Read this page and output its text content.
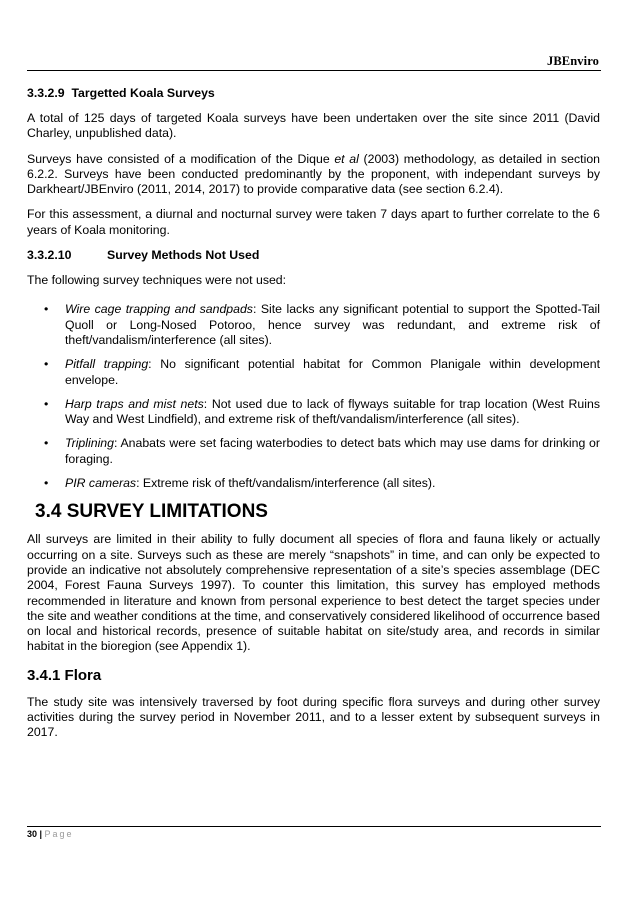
JBEnviro
3.3.2.9 Targetted Koala Surveys

A total of 125 days of targeted Koala surveys have been undertaken over the site since 2011 (David Charley, unpublished data).

Surveys have consisted of a modification of the Dique et al (2003) methodology, as detailed in section 6.2.2. Surveys have been conducted predominantly by the proponent, with independant surveys by Darkheart/JBEnviro (2011, 2014, 2017) to provide comparative data (see section 6.2.4).

For this assessment, a diurnal and nocturnal survey were taken 7 days apart to further correlate to the 6 years of Koala monitoring.

3.3.2.10	Survey Methods Not Used

The following survey techniques were not used:

• Wire cage trapping and sandpads: Site lacks any significant potential to support the Spotted-Tail Quoll or Long-Nosed Potoroo, hence survey was redundant, and extreme risk of theft/vandalism/interference (all sites).
• Pitfall trapping: No significant potential habitat for Common Planigale within development envelope.
• Harp traps and mist nets: Not used due to lack of flyways suitable for trap location (West Ruins Way and West Lindfield), and extreme risk of theft/vandalism/interference (all sites).
• Triplining: Anabats were set facing waterbodies to detect bats which may use dams for drinking or foraging.
• PIR cameras: Extreme risk of theft/vandalism/interference (all sites).
3.4 SURVEY LIMITATIONS

All surveys are limited in their ability to fully document all species of flora and fauna likely or actually occurring on a site. Surveys such as these are merely “snapshots” in time, and can only be expected to provide an indicative not absolutely comprehensive representation of a site’s species assemblage (DEC 2004, Forest Fauna Surveys 1997). To counter this limitation, this survey has employed methods recommended in literature and known from personal experience to best detect the target species under the site and weather conditions at the time, and conservatively considered likelihood of occurrence based on local and historical records, presence of suitable habitat on site/study area, and records in similar habitat in the bioregion (see Appendix 1).

3.4.1 Flora

The study site was intensively traversed by foot during specific flora surveys and during other survey activities during the survey period in November 2011, and to a lesser extent by subsequent surveys in 2017.

30 | Page
